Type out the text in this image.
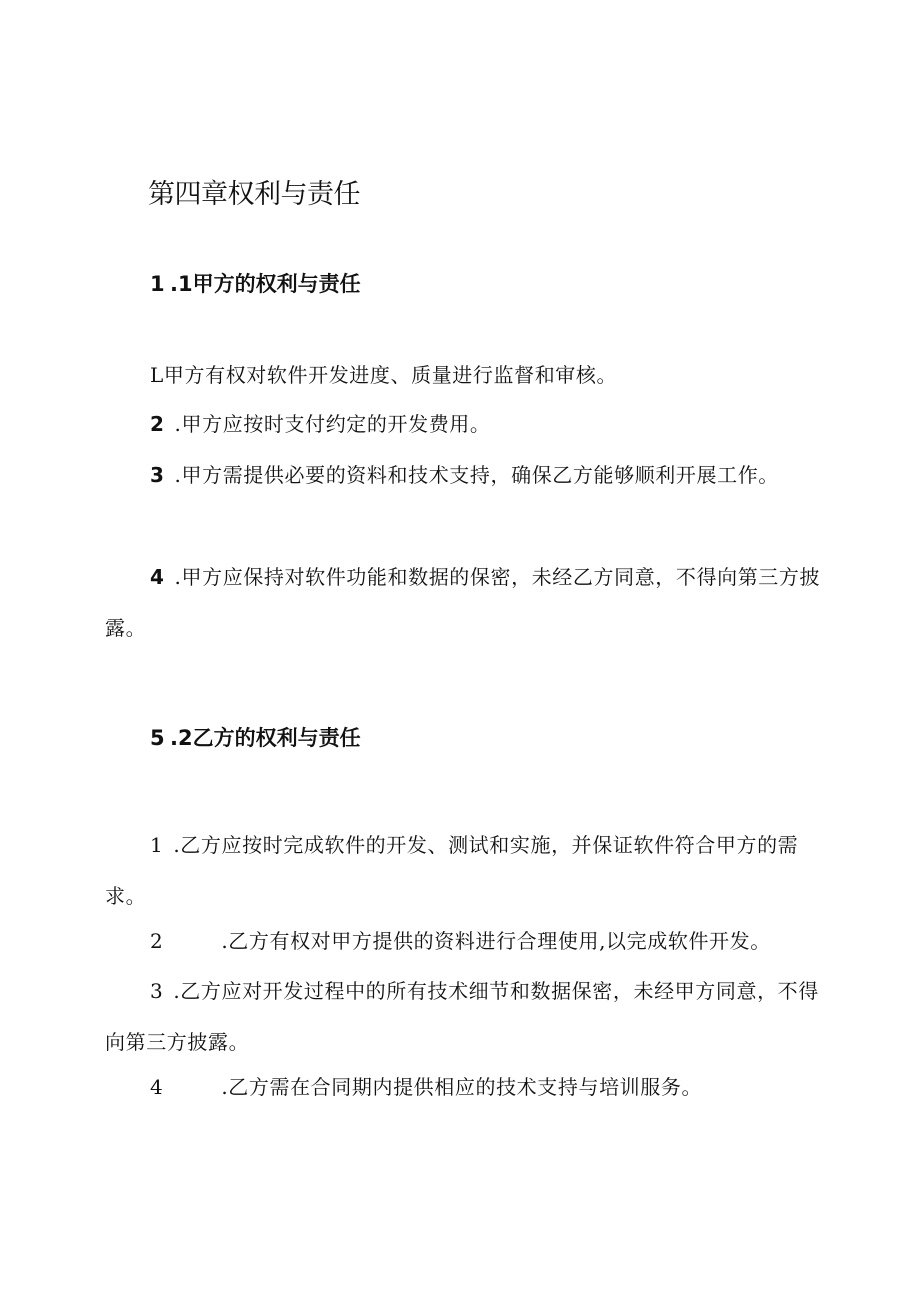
第四章权利与责任
1 .1甲方的权利与责任

L甲方有权对软件开发进度、质量进行监督和审核。

2 .甲方应按时支付约定的开发费用。

3 .甲方需提供必要的资料和技术支持，确保乙方能够顺利开展工作。

4 .甲方应保持对软件功能和数据的保密，未经乙方同意，不得向第三方披露。

5 .2乙方的权利与责任

1 .乙方应按时完成软件的开发、测试和实施，并保证软件符合甲方的需求。

2	.乙方有权对甲方提供的资料进行合理使用,以完成软件开发。

3 .乙方应对开发过程中的所有技术细节和数据保密，未经甲方同意，不得向第三方披露。

4	.乙方需在合同期内提供相应的技术支持与培训服务。
